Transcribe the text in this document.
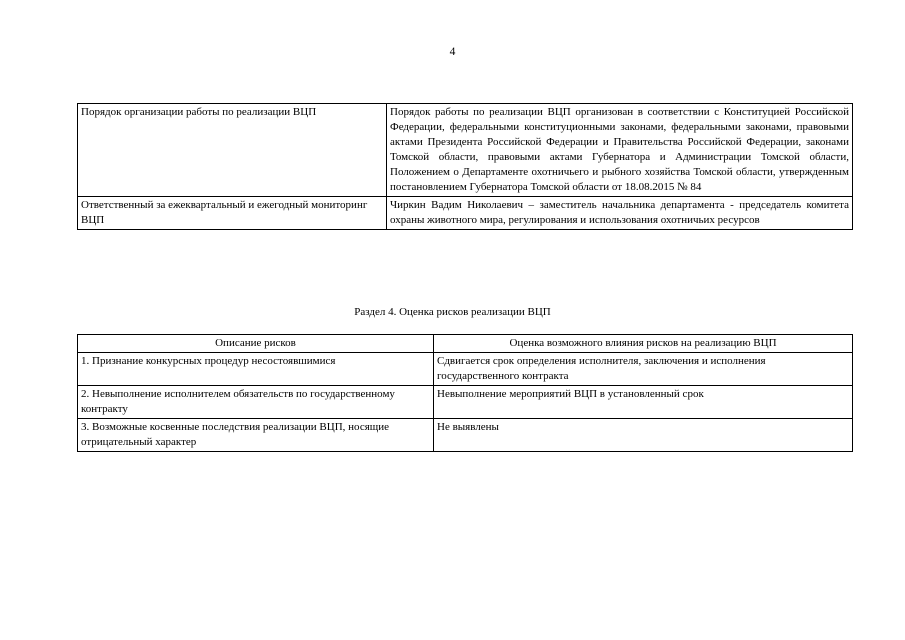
4
Порядок организации работы по реализации ВЦП	Порядок работы по реализации ВЦП организован в соответствии с Конституцией Российской Федерации, федеральными конституционными законами, федеральными законами, правовыми актами Президента Российской Федерации и Правительства Российской Федерации, законами Томской области, правовыми актами Губернатора и Администрации Томской области, Положением о Департаменте охотничьего и рыбного хозяйства Томской области, утвержденным постановлением Губернатора Томской области от 18.08.2015 № 84
Ответственный за ежеквартальный и ежегодный мониторинг ВЦП	Чиркин Вадим Николаевич – заместитель начальника департамента - председатель комитета охраны животного мира, регулирования и использования охотничьих ресурсов
Раздел 4. Оценка рисков реализации ВЦП
Описание рисков	Оценка возможного влияния рисков на реализацию ВЦП
1. Признание конкурсных процедур несостоявшимися	Сдвигается срок определения исполнителя, заключения и исполнения государственного контракта
2. Невыполнение исполнителем обязательств по государственному контракту	Невыполнение мероприятий ВЦП в установленный срок
3. Возможные косвенные последствия реализации ВЦП, носящие отрицательный характер	Не выявлены
